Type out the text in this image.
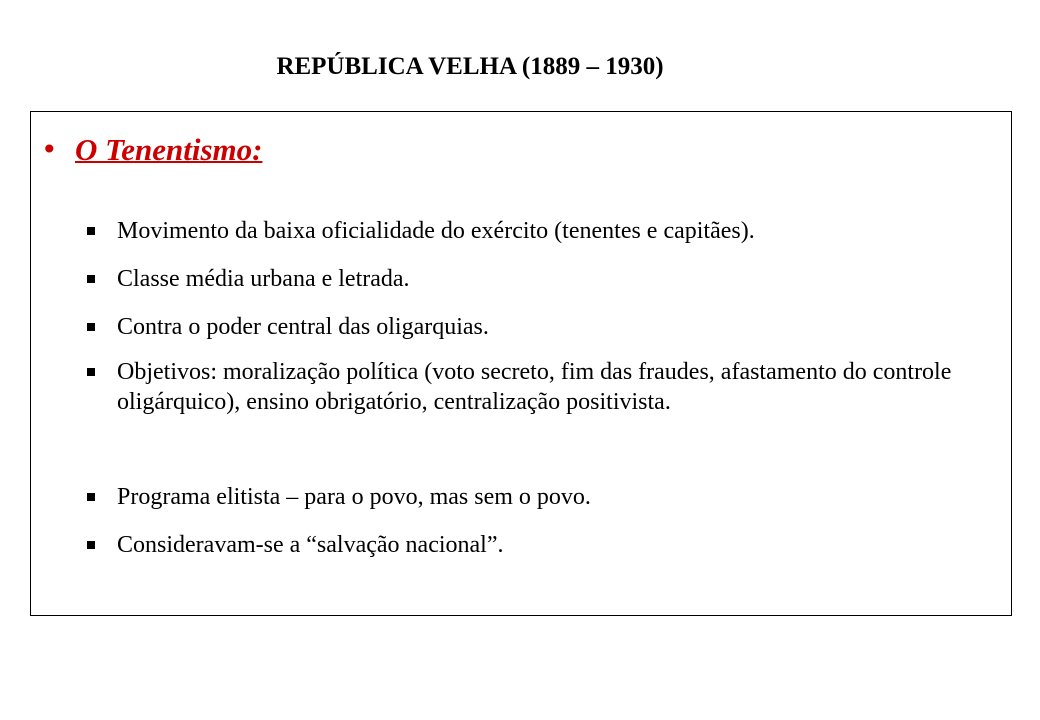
REPÚBLICA VELHA (1889 – 1930)
• O Tenentismo:
Movimento da baixa oficialidade do exército (tenentes e capitães).
Classe média urbana e letrada.
Contra o poder central das oligarquias.
Objetivos: moralização política (voto secreto, fim das fraudes, afastamento do controle oligárquico), ensino obrigatório, centralização positivista.
Programa elitista – para o povo, mas sem o povo.
Consideravam-se a “salvação nacional”.
